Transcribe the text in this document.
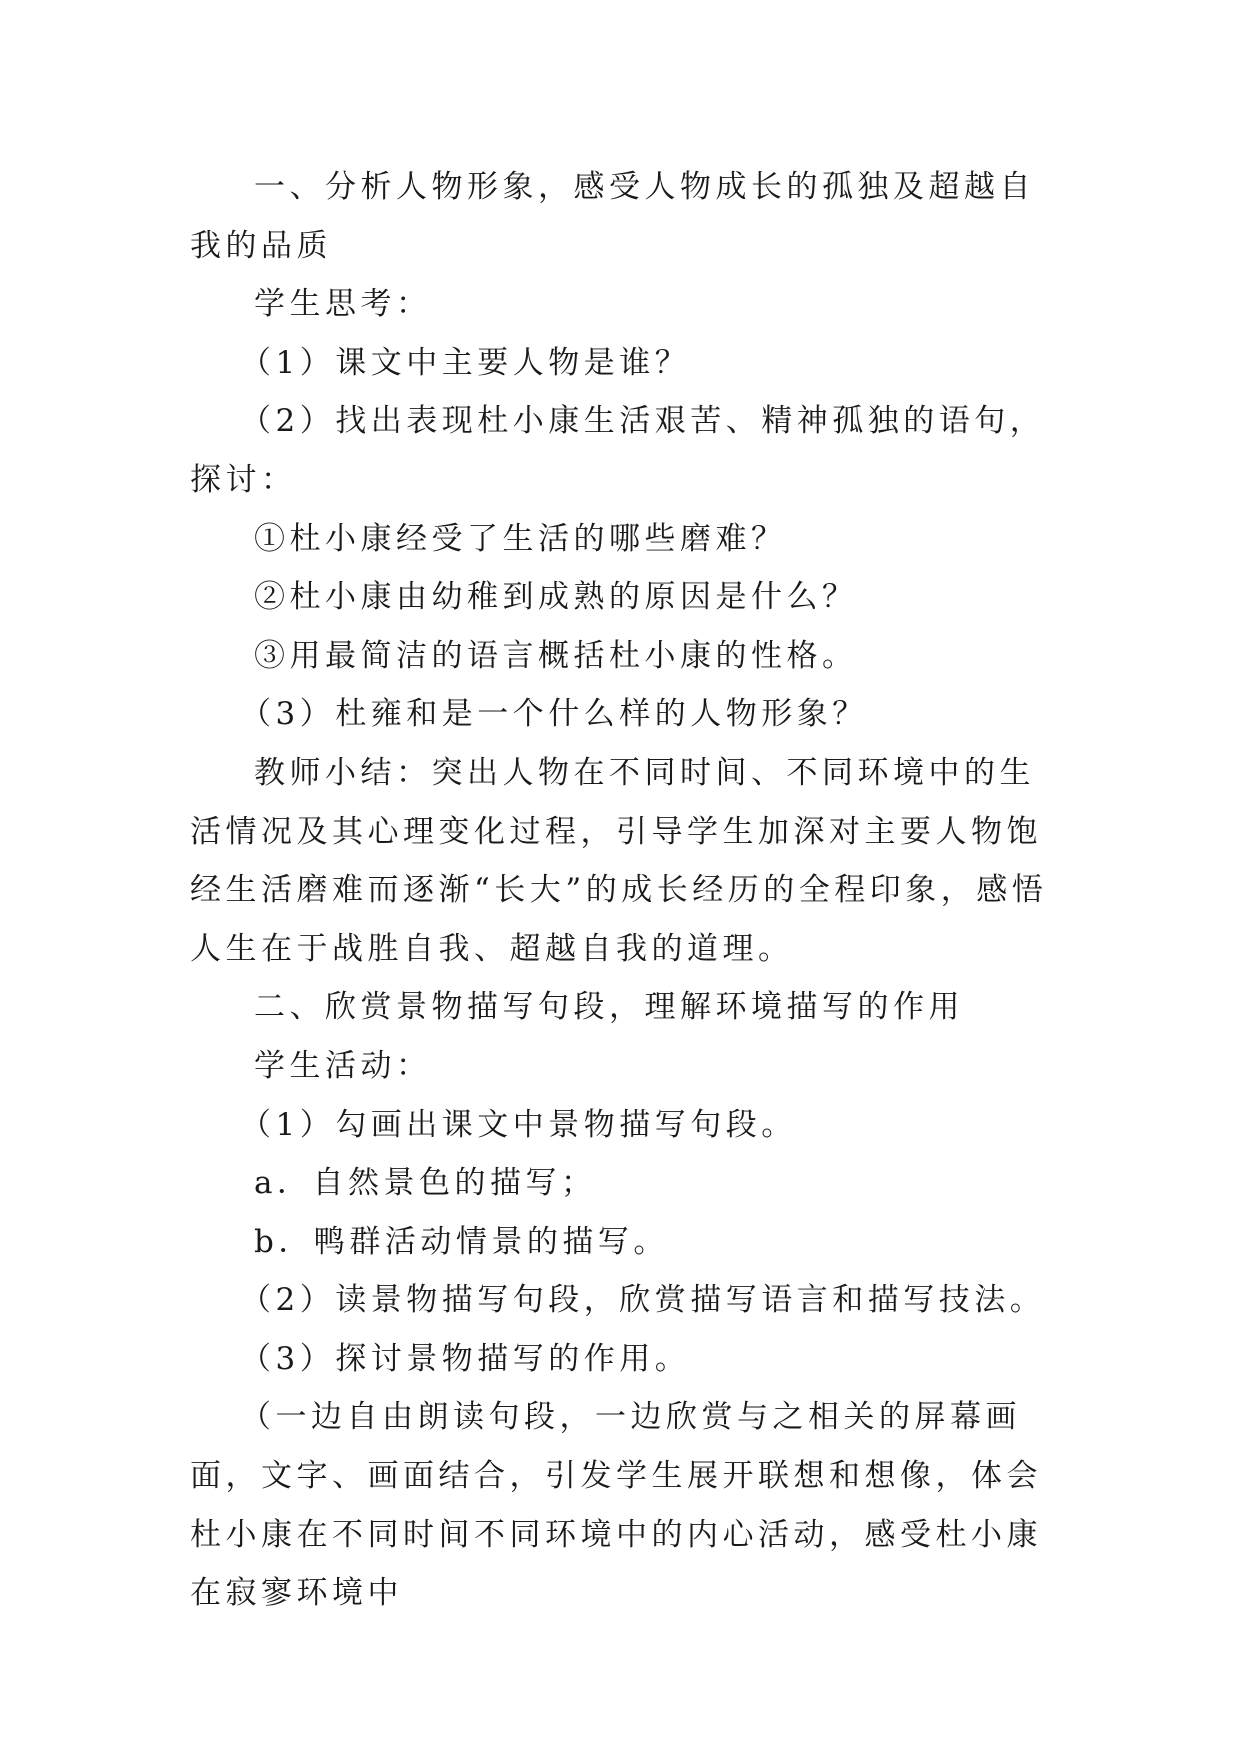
一、分析人物形象，感受人物成长的孤独及超越自我的品质

学生思考：

（1）课文中主要人物是谁？

（2）找出表现杜小康生活艰苦、精神孤独的语句，探讨：

①杜小康经受了生活的哪些磨难？

②杜小康由幼稚到成熟的原因是什么？

③用最简洁的语言概括杜小康的性格。

（3）杜雍和是一个什么样的人物形象？

教师小结：突出人物在不同时间、不同环境中的生活情况及其心理变化过程，引导学生加深对主要人物饱经生活磨难而逐渐“长大”的成长经历的全程印象，感悟人生在于战胜自我、超越自我的道理。

二、欣赏景物描写句段，理解环境描写的作用

学生活动：

（1）勾画出课文中景物描写句段。

a．自然景色的描写；

b．鸭群活动情景的描写。

（2）读景物描写句段，欣赏描写语言和描写技法。

（3）探讨景物描写的作用。

（一边自由朗读句段，一边欣赏与之相关的屏幕画面，文字、画面结合，引发学生展开联想和想像，体会杜小康在不同时间不同环境中的内心活动，感受杜小康在寂寥环境中
